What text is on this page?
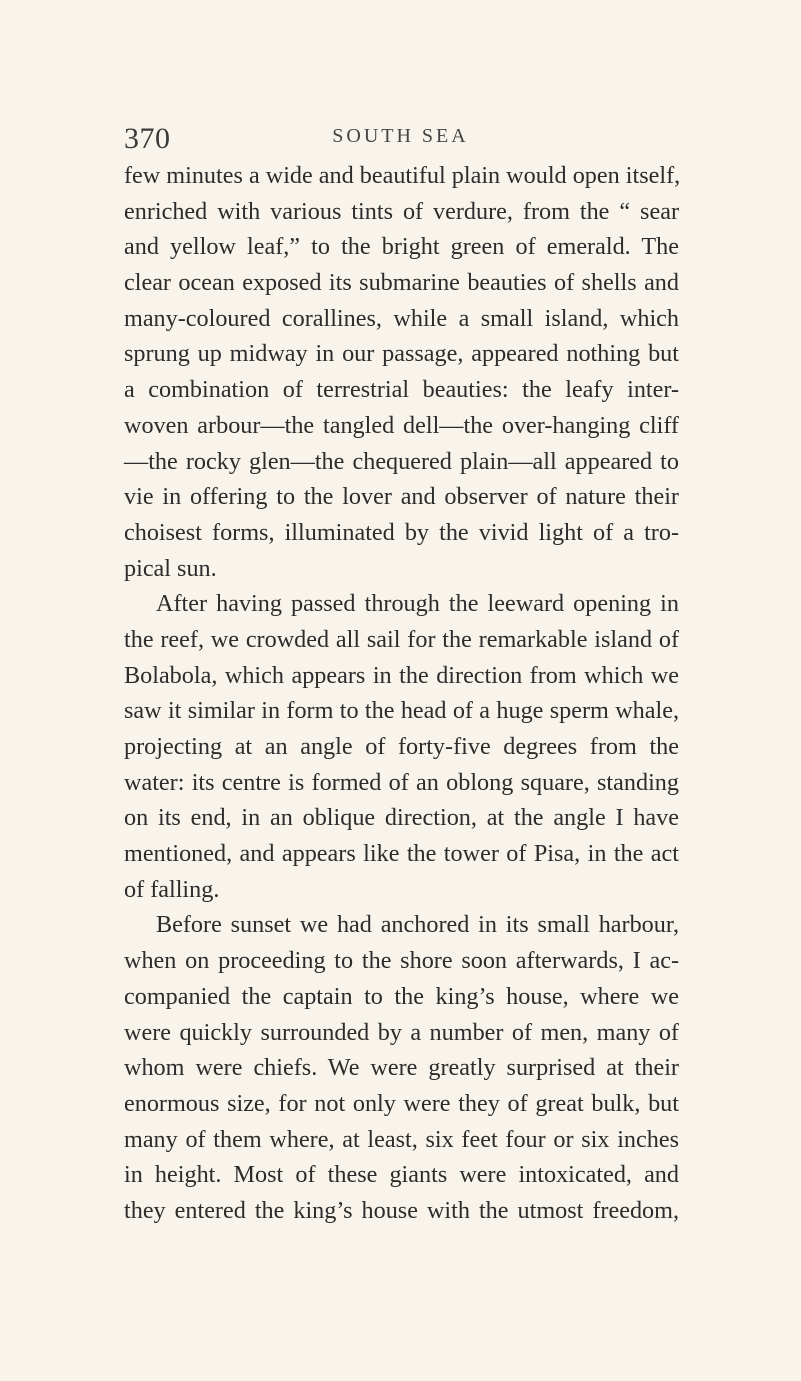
370	SOUTH SEA
few minutes a wide and beautiful plain would open itself,
enriched with various tints of verdure, from the “ sear
and yellow leaf,” to the bright green of emerald. The
clear ocean exposed its submarine beauties of shells and
many-coloured corallines, while a small island, which
sprung up midway in our passage, appeared nothing but
a combination of terrestrial beauties: the leafy inter-
woven arbour—the tangled dell—the over-hanging cliff
—the rocky glen—the chequered plain—all appeared to
vie in offering to the lover and observer of nature their
choisest forms, illuminated by the vivid light of a tro-
pical sun.
After having passed through the leeward opening in
the reef, we crowded all sail for the remarkable island of
Bolabola, which appears in the direction from which we
saw it similar in form to the head of a huge sperm whale,
projecting at an angle of forty-five degrees from the
water: its centre is formed of an oblong square, standing
on its end, in an oblique direction, at the angle I have
mentioned, and appears like the tower of Pisa, in the act
of falling.
Before sunset we had anchored in its small harbour,
when on proceeding to the shore soon afterwards, I ac-
companied the captain to the king’s house, where we
were quickly surrounded by a number of men, many of
whom were chiefs. We were greatly surprised at their
enormous size, for not only were they of great bulk, but
many of them where, at least, six feet four or six inches
in height. Most of these giants were intoxicated, and
they entered the king’s house with the utmost freedom,
